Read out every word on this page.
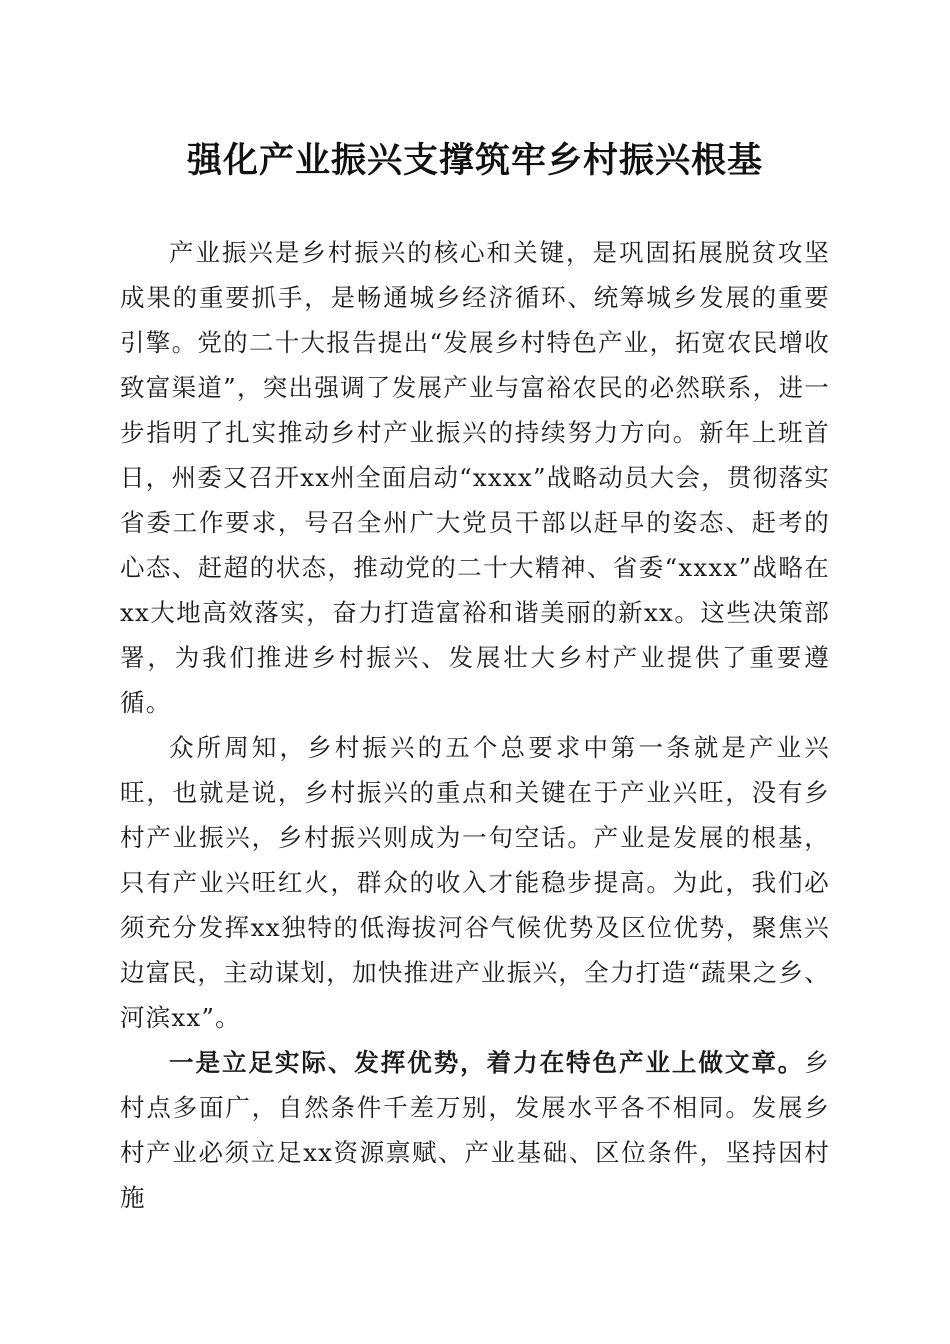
强化产业振兴支撑筑牢乡村振兴根基

产业振兴是乡村振兴的核心和关键，是巩固拓展脱贫攻坚成果的重要抓手，是畅通城乡经济循环、统筹城乡发展的重要引擎。党的二十大报告提出“发展乡村特色产业，拓宽农民增收致富渠道”，突出强调了发展产业与富裕农民的必然联系，进一步指明了扎实推动乡村产业振兴的持续努力方向。新年上班首日，州委又召开xx州全面启动“xxxx”战略动员大会，贯彻落实省委工作要求，号召全州广大党员干部以赶早的姿态、赶考的心态、赶超的状态，推动党的二十大精神、省委“xxxx”战略在xx大地高效落实，奋力打造富裕和谐美丽的新xx。这些决策部署，为我们推进乡村振兴、发展壮大乡村产业提供了重要遵循。

众所周知，乡村振兴的五个总要求中第一条就是产业兴旺，也就是说，乡村振兴的重点和关键在于产业兴旺，没有乡村产业振兴，乡村振兴则成为一句空话。产业是发展的根基，只有产业兴旺红火，群众的收入才能稳步提高。为此，我们必须充分发挥xx独特的低海拔河谷气候优势及区位优势，聚焦兴边富民，主动谋划，加快推进产业振兴，全力打造“蔬果之乡、河滨xx”。

一是立足实际、发挥优势，着力在特色产业上做文章。乡村点多面广，自然条件千差万别，发展水平各不相同。发展乡村产业必须立足xx资源禀赋、产业基础、区位条件，坚持因村施
